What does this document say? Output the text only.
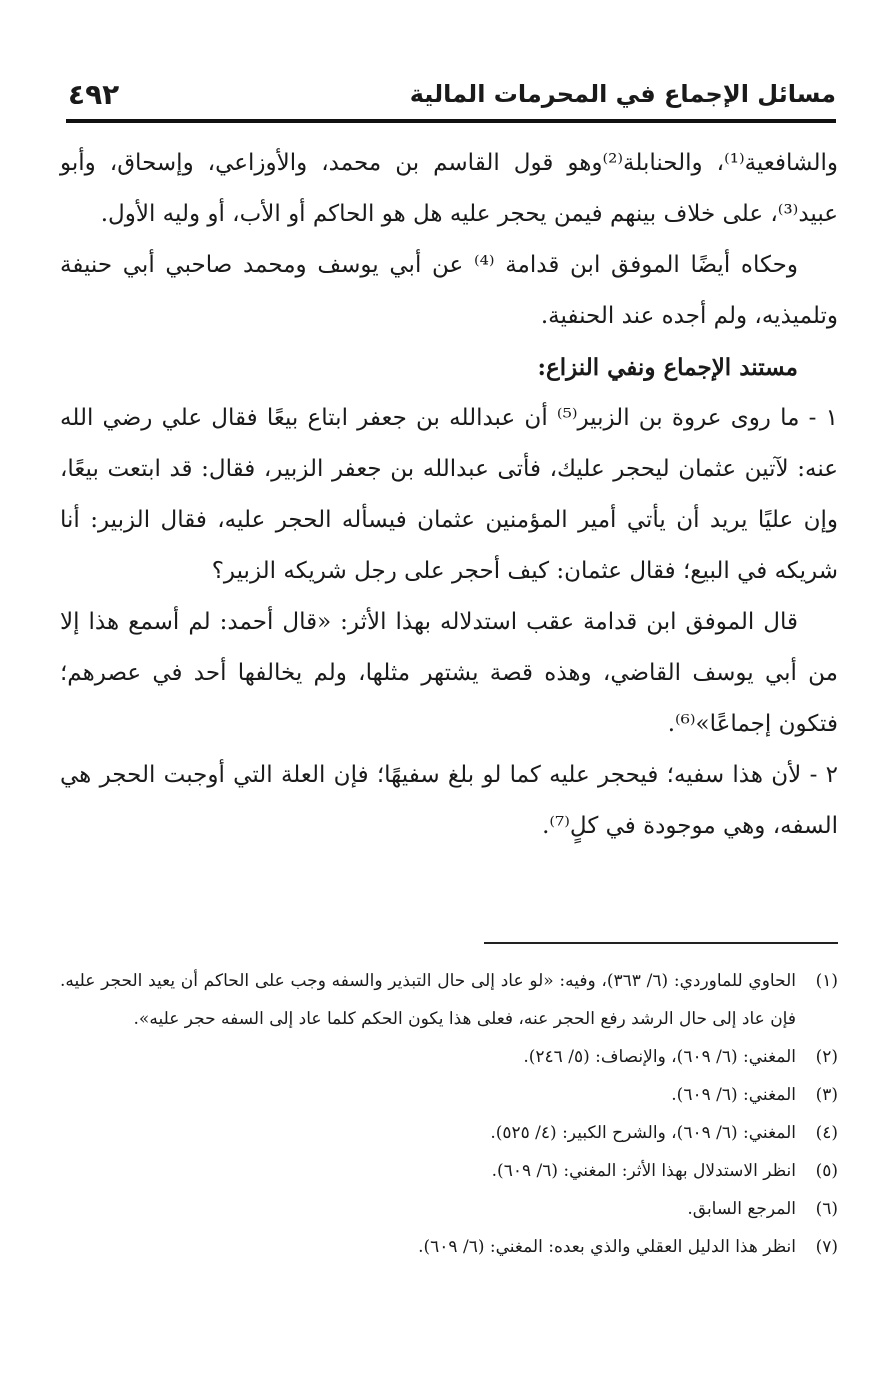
مسائل الإجماع في المحرمات المالية
٤٩٢

والشافعية⁽¹⁾، والحنابلة⁽²⁾وهو قول القاسم بن محمد، والأوزاعي، وإسحاق، وأبو عبيد⁽³⁾، على خلاف بينهم فيمن يحجر عليه هل هو الحاكم أو الأب، أو وليه الأول.

وحكاه أيضًا الموفق ابن قدامة ⁽⁴⁾ عن أبي يوسف ومحمد صاحبي أبي حنيفة وتلميذيه، ولم أجده عند الحنفية.

مستند الإجماع ونفي النزاع:

١ - ما روى عروة بن الزبير⁽⁵⁾ أن عبدالله بن جعفر ابتاع بيعًا فقال علي رضي الله عنه: لآتين عثمان ليحجر عليك، فأتى عبدالله بن جعفر الزبير، فقال: قد ابتعت بيعًا، وإن عليًا يريد أن يأتي أمير المؤمنين عثمان فيسأله الحجر عليه، فقال الزبير: أنا شريكه في البيع؛ فقال عثمان: كيف أحجر على رجل شريكه الزبير؟

قال الموفق ابن قدامة عقب استدلاله بهذا الأثر: «قال أحمد: لم أسمع هذا إلا من أبي يوسف القاضي، وهذه قصة يشتهر مثلها، ولم يخالفها أحد في عصرهم؛ فتكون إجماعًا»⁽⁶⁾.

٢ - لأن هذا سفيه؛ فيحجر عليه كما لو بلغ سفيهًا؛ فإن العلة التي أوجبت الحجر هي السفه، وهي موجودة في كلٍ⁽⁷⁾.

(١)
الحاوي للماوردي: (٦/ ٣٦٣)، وفيه: «لو عاد إلى حال التبذير والسفه وجب على الحاكم أن يعيد الحجر عليه. فإن عاد إلى حال الرشد رفع الحجر عنه، فعلى هذا يكون الحكم كلما عاد إلى السفه حجر عليه».

(٢)
المغني: (٦/ ٦٠٩)، والإنصاف: (٥/ ٢٤٦).

(٣)
المغني: (٦/ ٦٠٩).

(٤)
المغني: (٦/ ٦٠٩)، والشرح الكبير: (٤/ ٥٢٥).

(٥)
انظر الاستدلال بهذا الأثر: المغني: (٦/ ٦٠٩).

(٦)
المرجع السابق.

(٧)
انظر هذا الدليل العقلي والذي بعده: المغني: (٦/ ٦٠٩).
